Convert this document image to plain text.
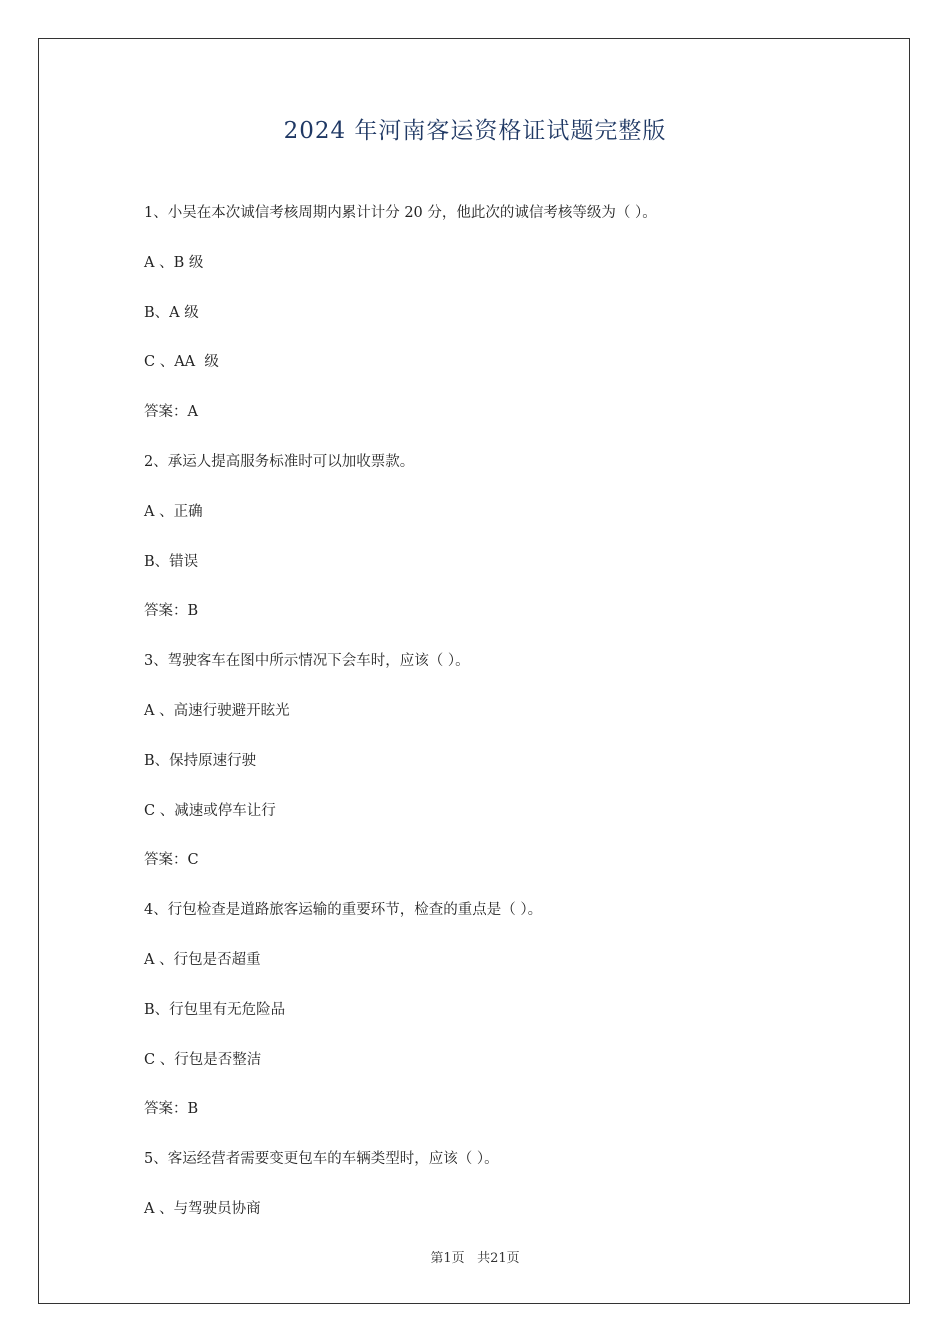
2024 年河南客运资格证试题完整版

1、小吴在本次诚信考核周期内累计计分 20 分，他此次的诚信考核等级为（ ）。

A 、B 级

B、A 级

C 、AA  级

答案：A

2、承运人提高服务标准时可以加收票款。

A 、正确

B、错误

答案：B

3、驾驶客车在图中所示情况下会车时，应该（ ）。

A 、高速行驶避开眩光

B、保持原速行驶

C 、减速或停车让行

答案：C

4、行包检查是道路旅客运输的重要环节，检查的重点是（ ）。

A 、行包是否超重

B、行包里有无危险品

C 、行包是否整洁

答案：B

5、客运经营者需要变更包车的车辆类型时，应该（ ）。

A 、与驾驶员协商

第1页 共21页
